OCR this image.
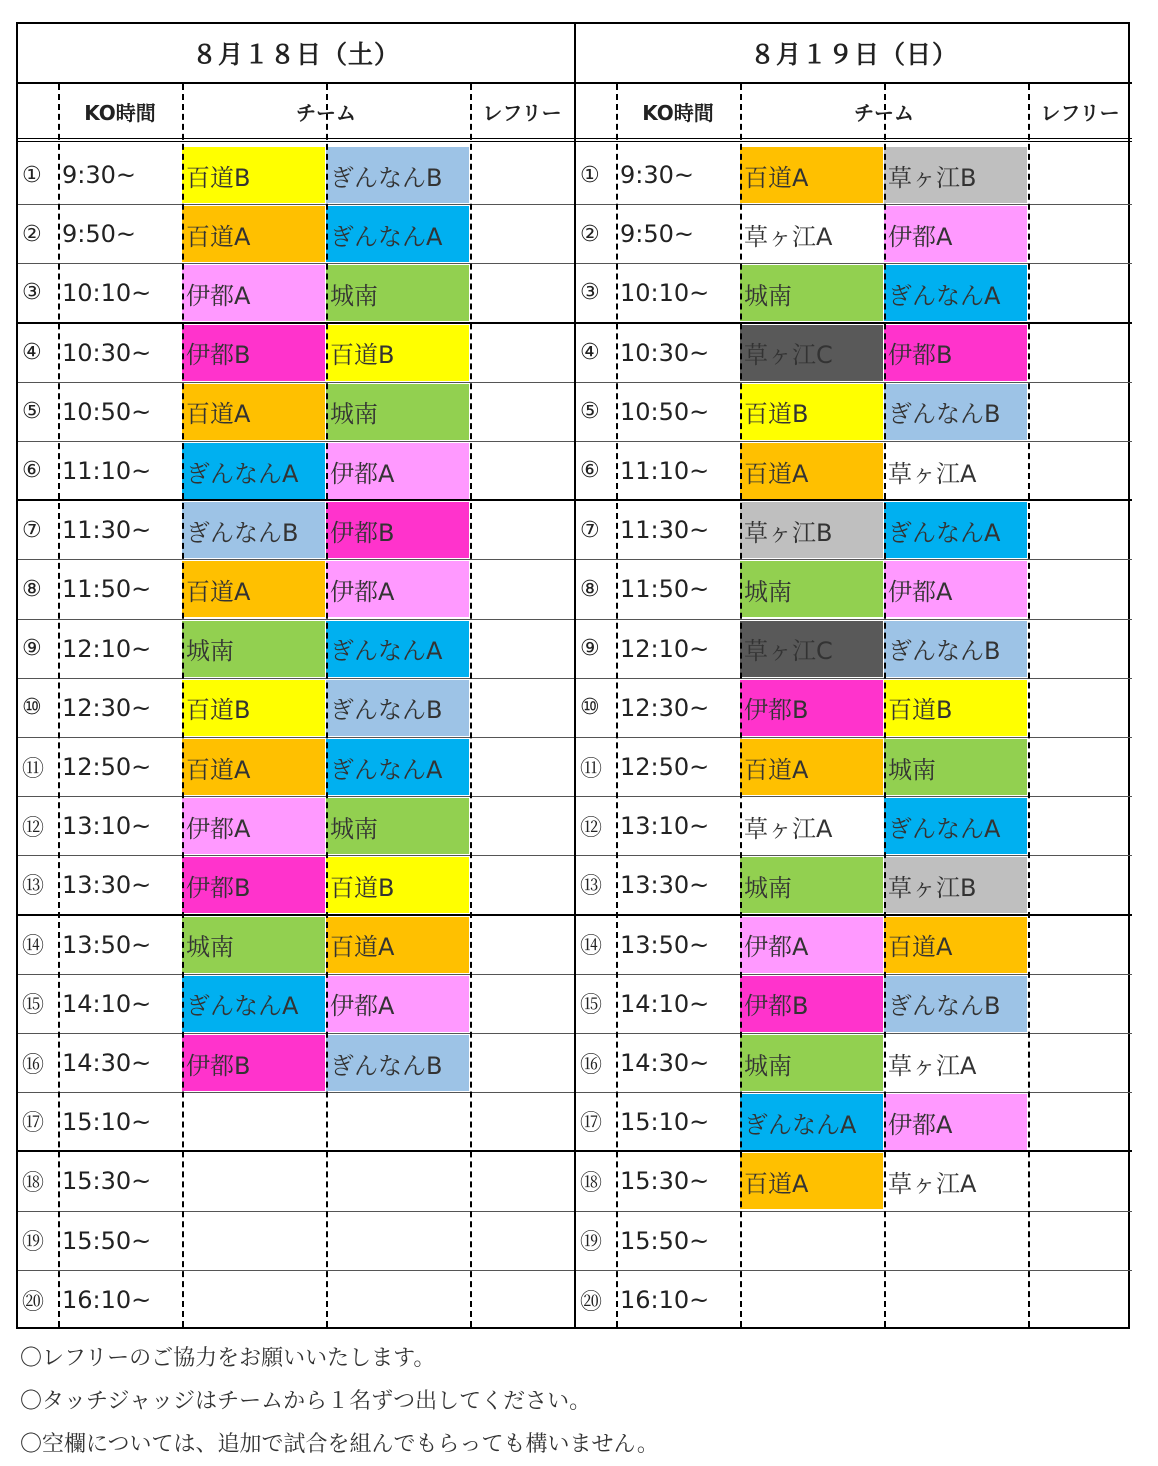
８月１８日（土）
KO時間	チーム	レフリー
① 9:30~ 百道B	ぎんなんB
② 9:50~ 百道A	ぎんなんA
③ 10:10~ 伊都A	城南
④ 10:30~ 伊都B	百道B
⑤ 10:50~ 百道A	城南
⑥ 11:10~ ぎんなんA	伊都A
⑦ 11:30~ ぎんなんB	伊都B
⑧ 11:50~ 百道A	伊都A
⑨ 12:10~ 城南	ぎんなんA
⑩ 12:30~ 百道B	ぎんなんB
⑪ 12:50~ 百道A	ぎんなんA
⑫ 13:10~ 伊都A	城南
⑬ 13:30~ 伊都B	百道B
⑭ 13:50~ 城南	百道A
⑮ 14:10~ ぎんなんA	伊都A
⑯ 14:30~ 伊都B	ぎんなんB
⑰ 15:10~
⑱ 15:30~
⑲ 15:50~
⑳ 16:10~
８月１９日（日）
KO時間	チーム	レフリー
① 9:30~ 百道A	草ヶ江B
② 9:50~ 草ヶ江A	伊都A
③ 10:10~ 城南	ぎんなんA
④ 10:30~ 草ヶ江C	伊都B
⑤ 10:50~ 百道B	ぎんなんB
⑥ 11:10~ 百道A	草ヶ江A
⑦ 11:30~ 草ヶ江B	ぎんなんA
⑧ 11:50~ 城南	伊都A
⑨ 12:10~ 草ヶ江C	ぎんなんB
⑩ 12:30~ 伊都B	百道B
⑪ 12:50~ 百道A	城南
⑫ 13:10~ 草ヶ江A	ぎんなんA
⑬ 13:30~ 城南	草ヶ江B
⑭ 13:50~ 伊都A	百道A
⑮ 14:10~ 伊都B	ぎんなんB
⑯ 14:30~ 城南	草ヶ江A
⑰ 15:10~ ぎんなんA	伊都A
⑱ 15:30~ 百道A	草ヶ江A
⑲ 15:50~
⑳ 16:10~
〇レフリーのご協力をお願いいたします。
〇タッチジャッジはチームから１名ずつ出してください。
〇空欄については、追加で試合を組んでもらっても構いません。
